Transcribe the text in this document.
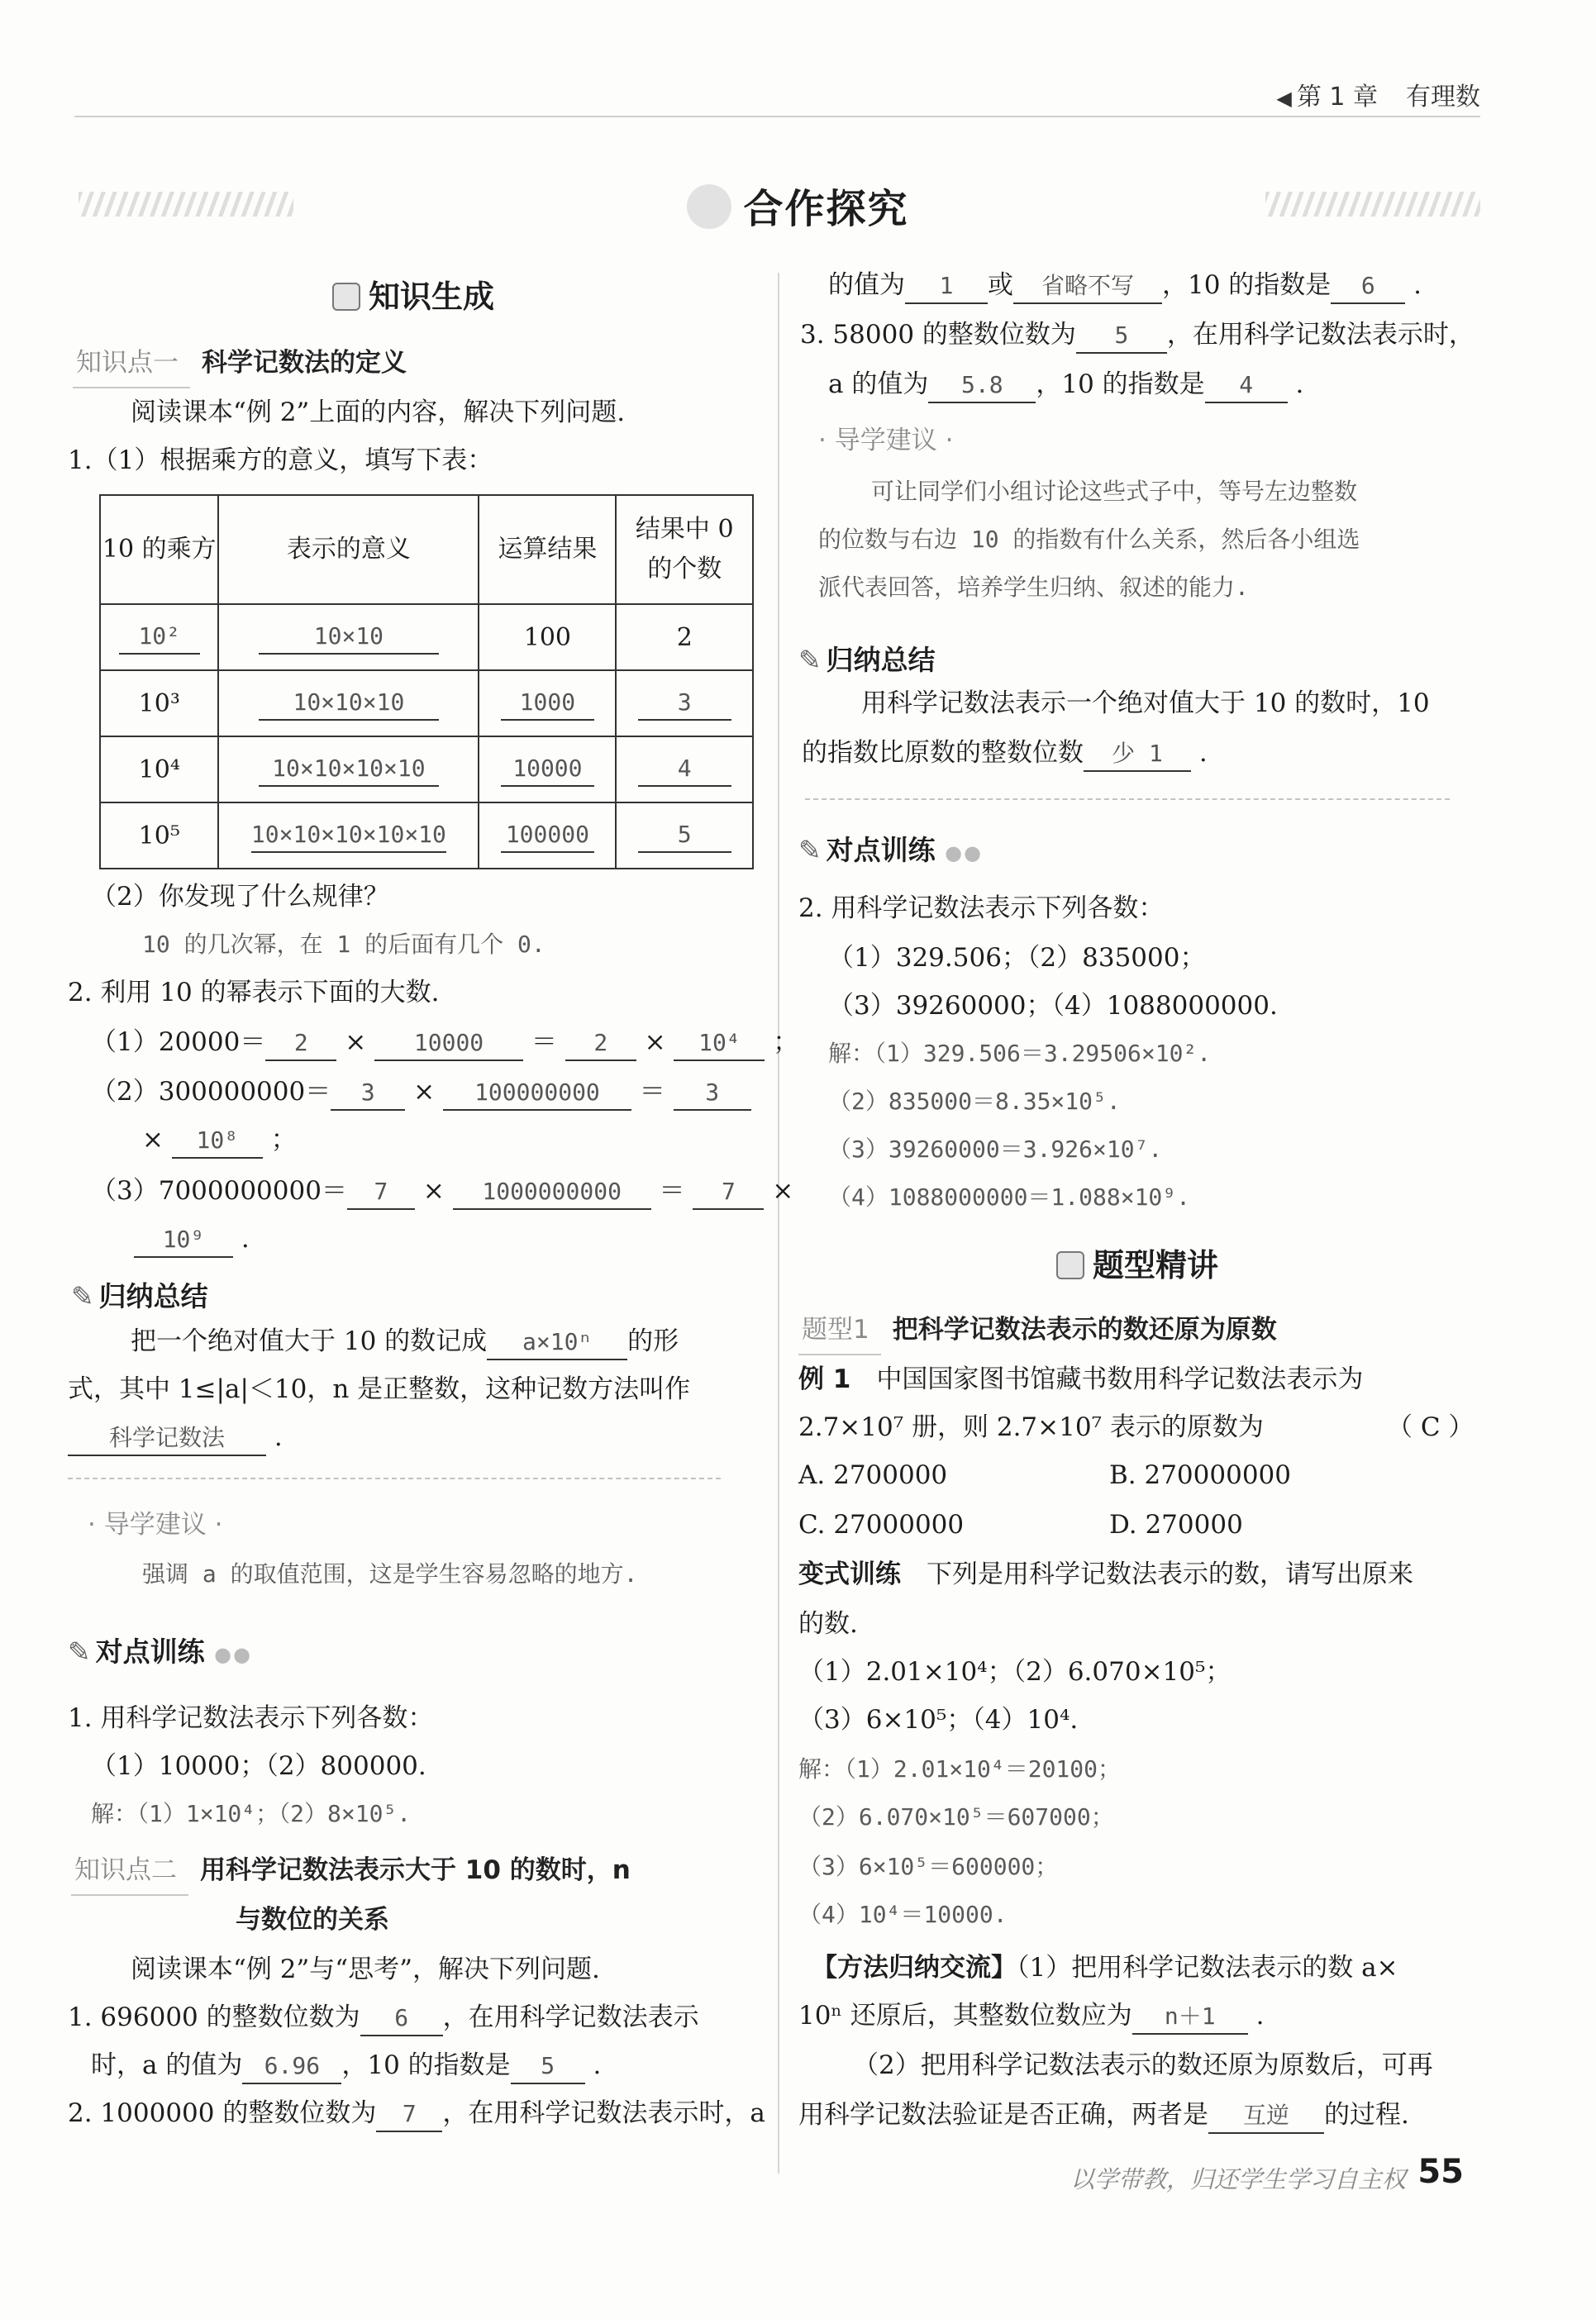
◀ 第 1 章 有理数
合作探究
知识生成
知识点一 科学记数法的定义
阅读课本“例 2”上面的内容，解决下列问题.
1.（1）根据乘方的意义，填写下表：
10 的乘方	表示的意义	运算结果	结果中 0 的个数
10²	10×10	100	2
10³	10×10×10	1000	3
10⁴	10×10×10×10	10000	4
10⁵	10×10×10×10×10	100000	5
（2）你发现了什么规律？
10 的几次幂，在 1 的后面有几个 0.
2. 利用 10 的幂表示下面的大数.
（1）20000＝ 2 × 10000 ＝ 2 × 10⁴ ；
（2）300000000＝ 3 × 100000000 ＝ 3
× 10⁸ ；
（3）7000000000＝ 7 × 1000000000 ＝ 7 ×
10⁹ .
✎ 归纳总结
把一个绝对值大于 10 的数记成 a×10ⁿ 的形
式，其中 1≤|a|＜10，n 是正整数，这种记数方法叫作
科学记数法 .
· 导学建议 ·
强调 a 的取值范围，这是学生容易忽略的地方.
✎ 对点训练 ●●
1. 用科学记数法表示下列各数：
（1）10000；（2）800000.
解：（1）1×10⁴；（2）8×10⁵.
知识点二 用科学记数法表示大于 10 的数时，n
与数位的关系
阅读课本“例 2”与“思考”，解决下列问题.
1. 696000 的整数位数为 6 ，在用科学记数法表示
时，a 的值为 6.96 ，10 的指数是 5 .
2. 1000000 的整数位数为 7 ，在用科学记数法表示时，a
的值为 1 或 省略不写 ，10 的指数是 6 .
3. 58000 的整数位数为 5 ，在用科学记数法表示时，
a 的值为 5.8 ，10 的指数是 4 .
· 导学建议 ·
可让同学们小组讨论这些式子中，等号左边整数
的位数与右边 10 的指数有什么关系，然后各小组选
派代表回答，培养学生归纳、叙述的能力.
✎ 归纳总结
用科学记数法表示一个绝对值大于 10 的数时，10
的指数比原数的整数位数 少 1 .
✎ 对点训练 ●●
2. 用科学记数法表示下列各数：
（1）329.506；（2）835000；
（3）39260000；（4）1088000000.
解：（1）329.506＝3.29506×10².
（2）835000＝8.35×10⁵.
（3）39260000＝3.926×10⁷.
（4）1088000000＝1.088×10⁹.
题型精讲
题型1 把科学记数法表示的数还原为原数
例 1　 中国国家图书馆藏书数用科学记数法表示为
2.7×10⁷ 册，则 2.7×10⁷ 表示的原数为	（ C ）
A. 2700000	B. 270000000
C. 27000000	D. 270000
变式训练　 下列是用科学记数法表示的数，请写出原来
的数.
（1）2.01×10⁴；（2）6.070×10⁵；
（3）6×10⁵；（4）10⁴.
解：（1）2.01×10⁴＝20100；
（2）6.070×10⁵＝607000；
（3）6×10⁵＝600000；
（4）10⁴＝10000.
【方法归纳交流】（1）把用科学记数法表示的数 a×
10ⁿ 还原后，其整数位数应为 n＋1 .
（2）把用科学记数法表示的数还原为原数后，可再
用科学记数法验证是否正确，两者是 互逆 的过程.
以学带教，归还学生学习自主权 55
